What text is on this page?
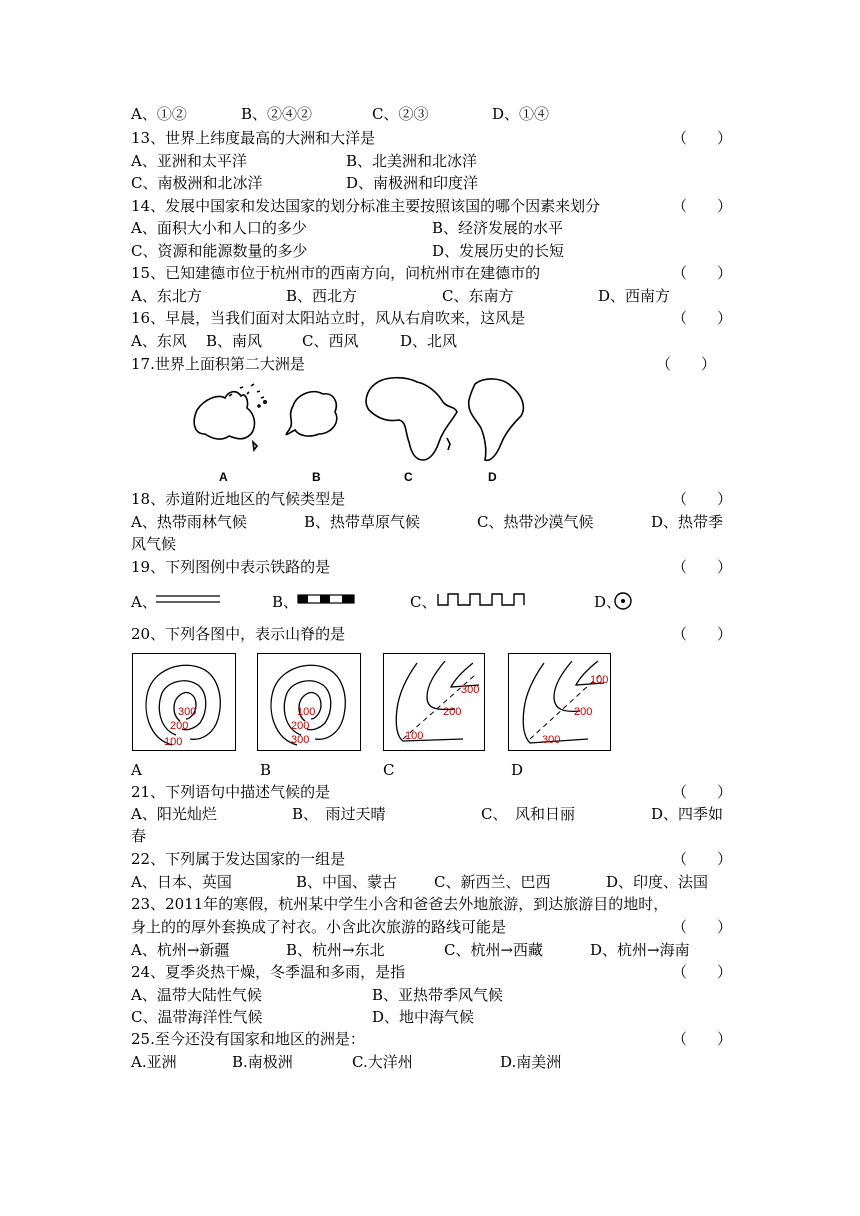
A、①②	B、②④②	C、②③	D、①④
13、世界上纬度最高的大洲和大洋是	（　　）
A、亚洲和太平洋	B、北美洲和北冰洋
C、南极洲和北冰洋	D、南极洲和印度洋
14、发展中国家和发达国家的划分标准主要按照该国的哪个因素来划分	（　　）
A、面积大小和人口的多少	B、经济发展的水平
C、资源和能源数量的多少	D、发展历史的长短
15、已知建德市位于杭州市的西南方向，问杭州市在建德市的	（　　）
A、东北方	B、西北方	C、东南方	D、西南方
16、早晨，当我们面对太阳站立时，风从右肩吹来，这风是	（　　）
A、东风 B、南风	C、西风	D、北风
17.世界上面积第二大洲是	（　　）
A	B	C	D
18、赤道附近地区的气候类型是	（　　）
A、热带雨林气候	B、热带草原气候	C、热带沙漠气候	D、热带季
风气候
19、下列图例中表示铁路的是	（　　）
A、	B、	C、	D、
20、下列各图中，表示山脊的是	（　　）
300
200
100
100
200
300
300
200
100
100
200
300
A	B	C	D
21、下列语句中描述气候的是	（　　）
A、阳光灿烂	B、　雨过天晴	C、　风和日丽	D、四季如
春
22、下列属于发达国家的一组是	（　　）
A、日本、英国	B、中国、蒙古 C、新西兰、巴西	D、印度、法国
23、2011年的寒假，杭州某中学生小含和爸爸去外地旅游，到达旅游目的地时，
身上的的厚外套换成了衬衣。小含此次旅游的路线可能是	（　　）
A、杭州→新疆	B、杭州→东北	C、杭州→西藏	D、杭州→海南
24、夏季炎热干燥，冬季温和多雨，是指	（　　）
A、温带大陆性气候	B、亚热带季风气候
C、温带海洋性气候	D、地中海气候
25.至今还没有国家和地区的洲是：	（　　）
A.亚洲	B.南极洲	C.大洋州	D.南美洲
